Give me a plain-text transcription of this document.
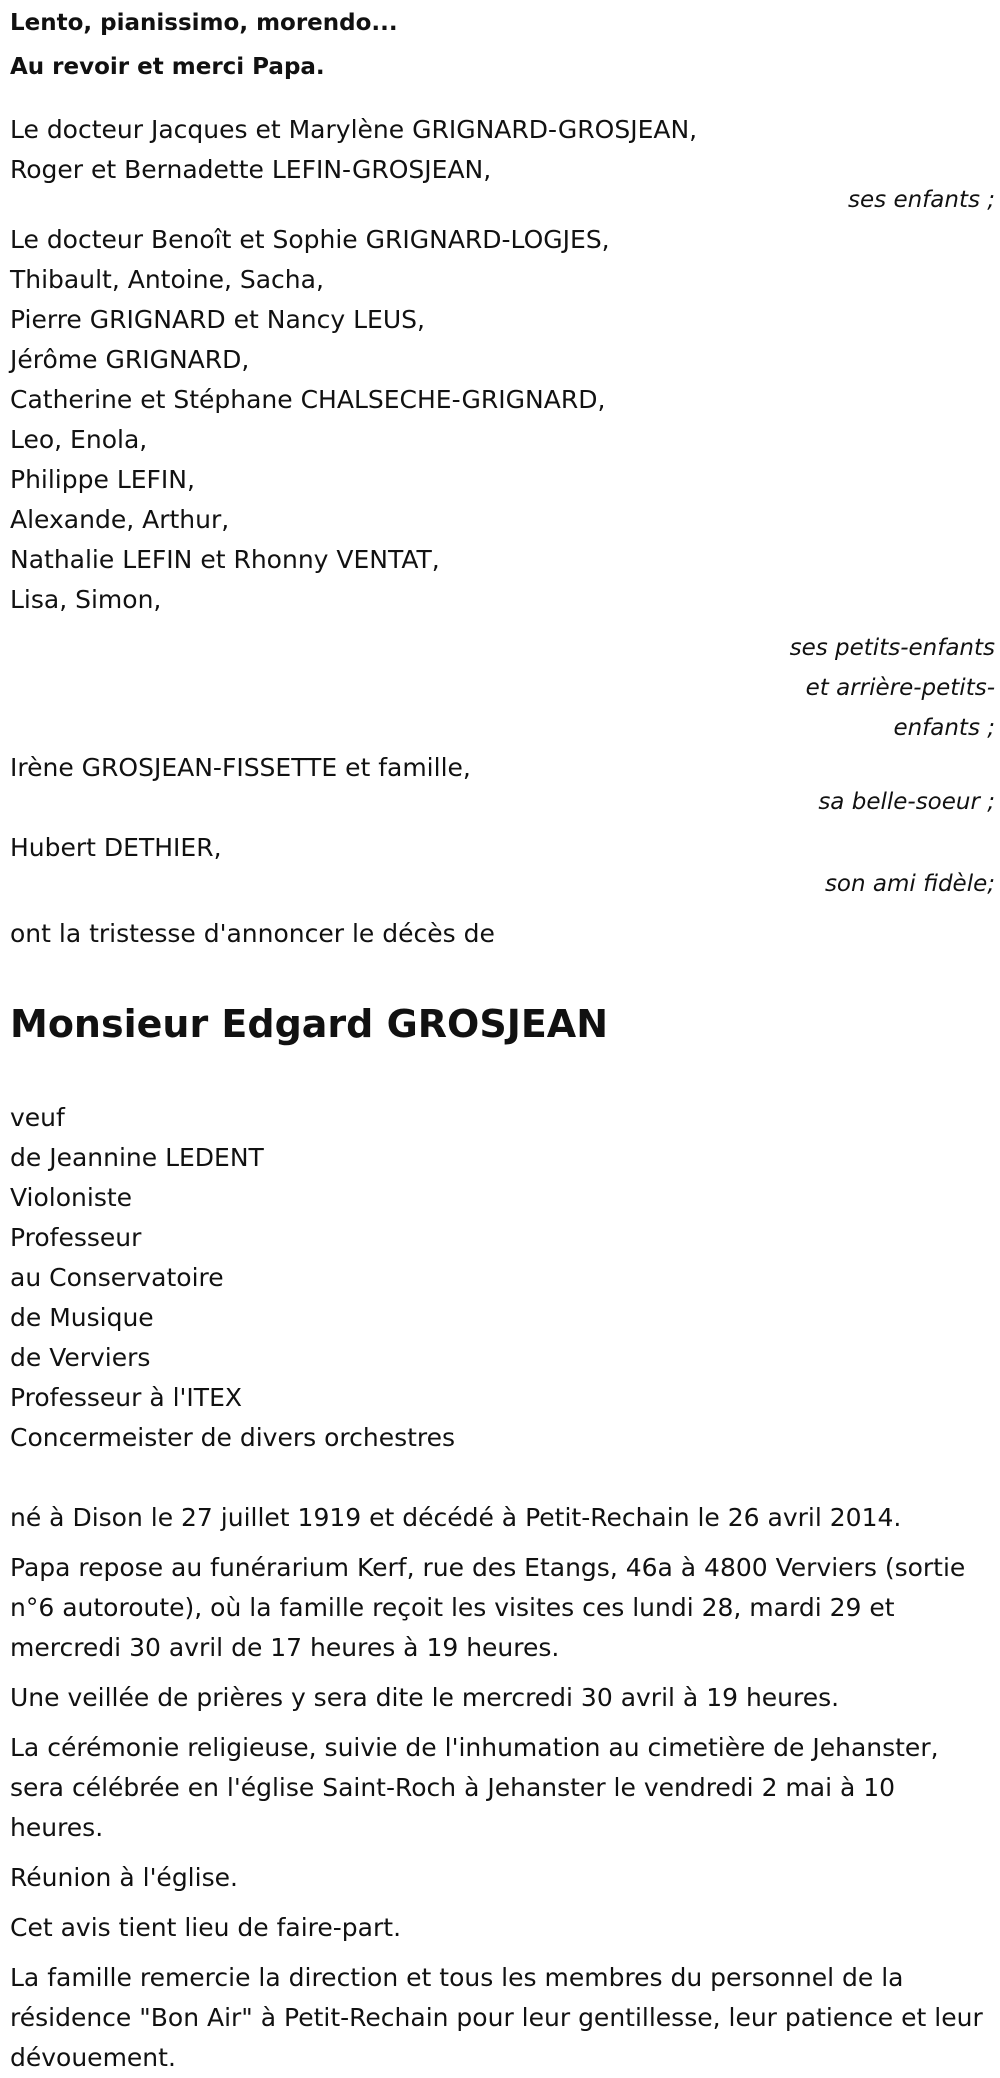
Lento, pianissimo, morendo...

Au revoir et merci Papa.

Le docteur Jacques et Marylène GRIGNARD-GROSJEAN,
Roger et Bernadette LEFIN-GROSJEAN,
ses enfants ;
Le docteur Benoît et Sophie GRIGNARD-LOGJES,
Thibault, Antoine, Sacha,
Pierre GRIGNARD et Nancy LEUS,
Jérôme GRIGNARD,
Catherine et Stéphane CHALSECHE-GRIGNARD,
Leo, Enola,
Philippe LEFIN,
Alexande, Arthur,
Nathalie LEFIN et Rhonny VENTAT,
Lisa, Simon,
ses petits-enfants
et arrière-petits-
enfants ;
Irène GROSJEAN-FISSETTE et famille,
sa belle-soeur ;
Hubert DETHIER,
son ami fidèle;

ont la tristesse d'annoncer le décès de

Monsieur Edgard GROSJEAN
veuf
de Jeannine LEDENT
Violoniste
Professeur
au Conservatoire
de Musique
de Verviers
Professeur à l'ITEX
Concermeister de divers orchestres

né à Dison le 27 juillet 1919 et décédé à Petit-Rechain le 26 avril 2014.

Papa repose au funérarium Kerf, rue des Etangs, 46a à 4800 Verviers (sortie n°6 autoroute), où la famille reçoit les visites ces lundi 28, mardi 29 et mercredi 30 avril de 17 heures à 19 heures.

Une veillée de prières y sera dite le mercredi 30 avril à 19 heures.

La cérémonie religieuse, suivie de l'inhumation au cimetière de Jehanster, sera célébrée en l'église Saint-Roch à Jehanster le vendredi 2 mai à 10 heures.

Réunion à l'église.

Cet avis tient lieu de faire-part.

La famille remercie la direction et tous les membres du personnel de la résidence "Bon Air" à Petit-Rechain pour leur gentillesse, leur patience et leur dévouement.
